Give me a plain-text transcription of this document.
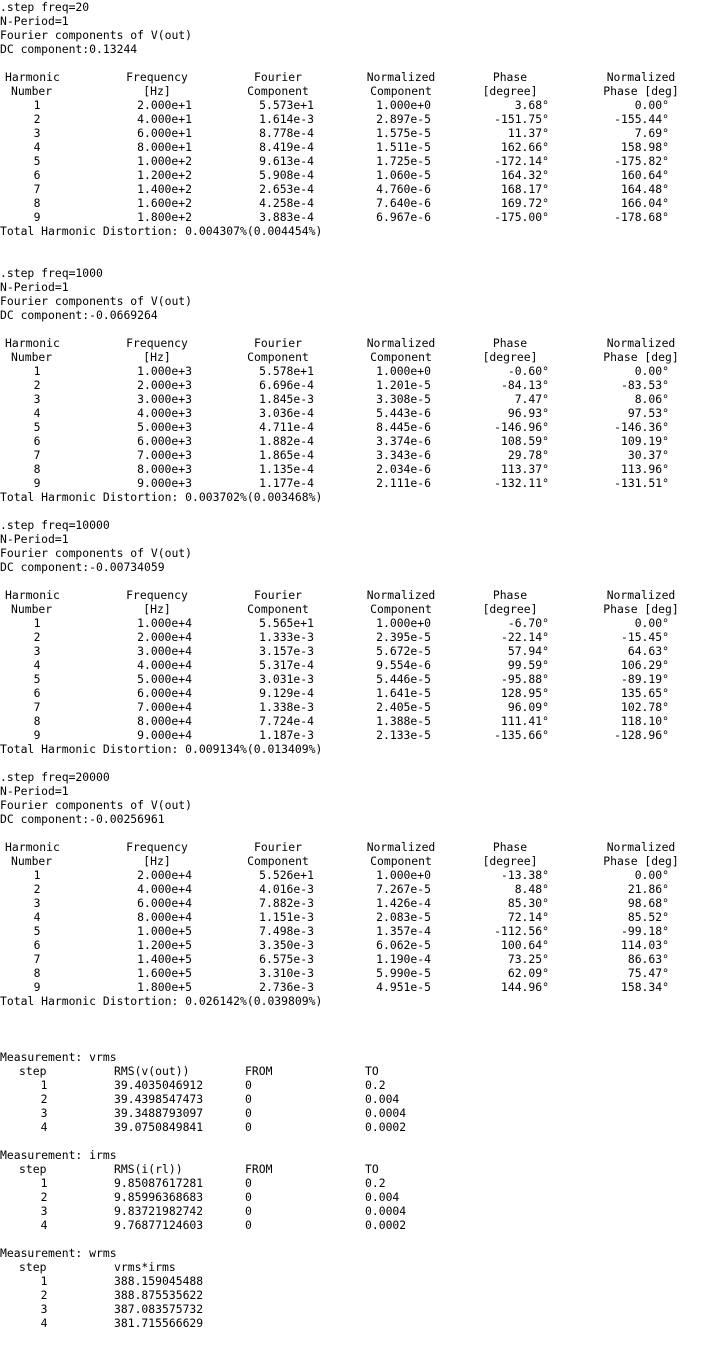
.step freq=20
N-Period=1
Fourier components of V(out)
DC component:0.13244
Harmonic	Frequency	Fourier	Normalized	Phase	Normalized
Number	[Hz]	Component	Component	[degree]	Phase [deg]
1	2.000e+1	5.573e+1	1.000e+0	3.68°	0.00°
2	4.000e+1	1.614e-3	2.897e-5	-151.75°	-155.44°
3	6.000e+1	8.778e-4	1.575e-5	11.37°	7.69°
4	8.000e+1	8.419e-4	1.511e-5	162.66°	158.98°
5	1.000e+2	9.613e-4	1.725e-5	-172.14°	-175.82°
6	1.200e+2	5.908e-4	1.060e-5	164.32°	160.64°
7	1.400e+2	2.653e-4	4.760e-6	168.17°	164.48°
8	1.600e+2	4.258e-4	7.640e-6	169.72°	166.04°
9	1.800e+2	3.883e-4	6.967e-6	-175.00°	-178.68°
Total Harmonic Distortion: 0.004307%(0.004454%)
.step freq=1000
N-Period=1
Fourier components of V(out)
DC component:-0.0669264
Harmonic	Frequency	Fourier	Normalized	Phase	Normalized
Number	[Hz]	Component	Component	[degree]	Phase [deg]
1	1.000e+3	5.578e+1	1.000e+0	-0.60°	0.00°
2	2.000e+3	6.696e-4	1.201e-5	-84.13°	-83.53°
3	3.000e+3	1.845e-3	3.308e-5	7.47°	8.06°
4	4.000e+3	3.036e-4	5.443e-6	96.93°	97.53°
5	5.000e+3	4.711e-4	8.445e-6	-146.96°	-146.36°
6	6.000e+3	1.882e-4	3.374e-6	108.59°	109.19°
7	7.000e+3	1.865e-4	3.343e-6	29.78°	30.37°
8	8.000e+3	1.135e-4	2.034e-6	113.37°	113.96°
9	9.000e+3	1.177e-4	2.111e-6	-132.11°	-131.51°
Total Harmonic Distortion: 0.003702%(0.003468%)
.step freq=10000
N-Period=1
Fourier components of V(out)
DC component:-0.00734059
Harmonic	Frequency	Fourier	Normalized	Phase	Normalized
Number	[Hz]	Component	Component	[degree]	Phase [deg]
1	1.000e+4	5.565e+1	1.000e+0	-6.70°	0.00°
2	2.000e+4	1.333e-3	2.395e-5	-22.14°	-15.45°
3	3.000e+4	3.157e-3	5.672e-5	57.94°	64.63°
4	4.000e+4	5.317e-4	9.554e-6	99.59°	106.29°
5	5.000e+4	3.031e-3	5.446e-5	-95.88°	-89.19°
6	6.000e+4	9.129e-4	1.641e-5	128.95°	135.65°
7	7.000e+4	1.338e-3	2.405e-5	96.09°	102.78°
8	8.000e+4	7.724e-4	1.388e-5	111.41°	118.10°
9	9.000e+4	1.187e-3	2.133e-5	-135.66°	-128.96°
Total Harmonic Distortion: 0.009134%(0.013409%)
.step freq=20000
N-Period=1
Fourier components of V(out)
DC component:-0.00256961
Harmonic	Frequency	Fourier	Normalized	Phase	Normalized
Number	[Hz]	Component	Component	[degree]	Phase [deg]
1	2.000e+4	5.526e+1	1.000e+0	-13.38°	0.00°
2	4.000e+4	4.016e-3	7.267e-5	8.48°	21.86°
3	6.000e+4	7.882e-3	1.426e-4	85.30°	98.68°
4	8.000e+4	1.151e-3	2.083e-5	72.14°	85.52°
5	1.000e+5	7.498e-3	1.357e-4	-112.56°	-99.18°
6	1.200e+5	3.350e-3	6.062e-5	100.64°	114.03°
7	1.400e+5	6.575e-3	1.190e-4	73.25°	86.63°
8	1.600e+5	3.310e-3	5.990e-5	62.09°	75.47°
9	1.800e+5	2.736e-3	4.951e-5	144.96°	158.34°
Total Harmonic Distortion: 0.026142%(0.039809%)
Measurement: vrms
step	RMS(v(out))	FROM	TO
1	39.4035046912	0	0.2
2	39.4398547473	0	0.004
3	39.3488793097	0	0.0004
4	39.0750849841	0	0.0002
Measurement: irms
step	RMS(i(rl))	FROM	TO
1	9.85087617281	0	0.2
2	9.85996368683	0	0.004
3	9.83721982742	0	0.0004
4	9.76877124603	0	0.0002
Measurement: wrms
step	vrms*irms
1	388.159045488
2	388.875535622
3	387.083575732
4	381.715566629
